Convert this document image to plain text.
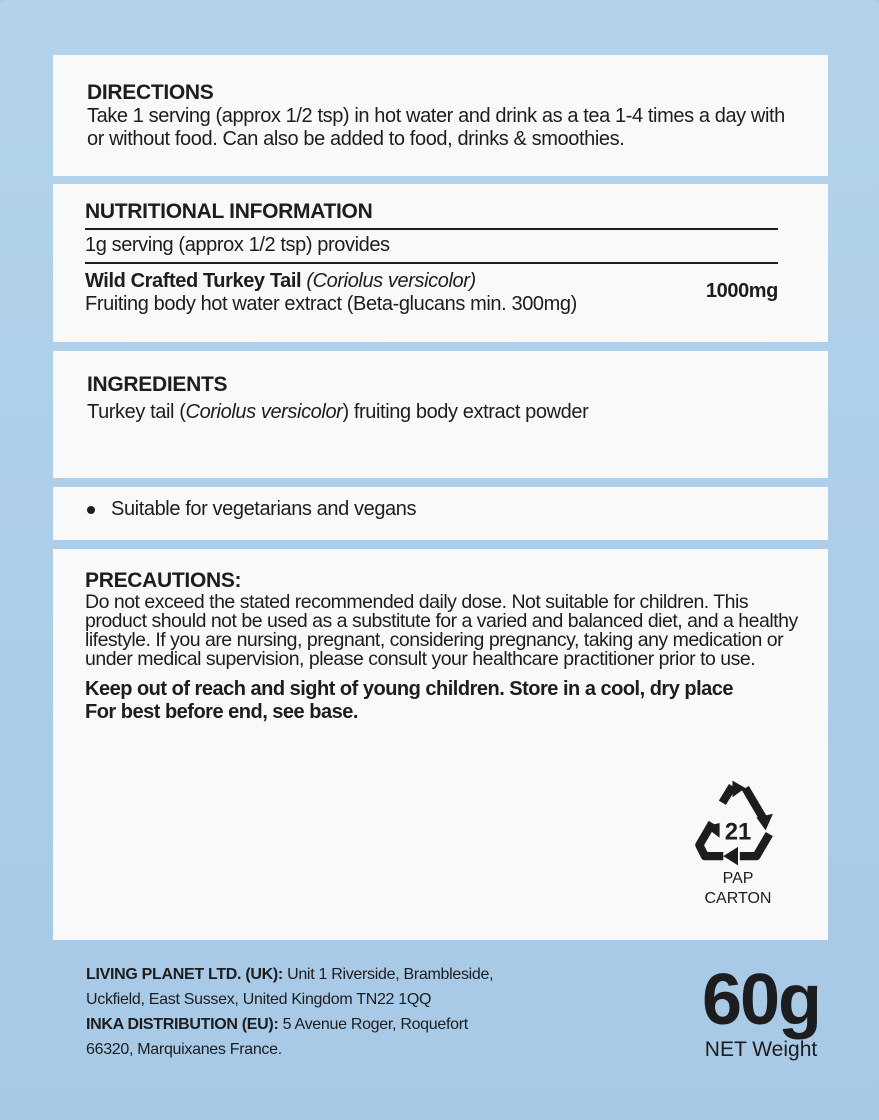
DIRECTIONS
Take 1 serving (approx 1/2 tsp) in hot water and drink as a tea 1-4 times a day with or without food. Can also be added to food, drinks & smoothies.
NUTRITIONAL INFORMATION
1g serving (approx 1/2 tsp) provides
Wild Crafted Turkey Tail (Coriolus versicolor)
Fruiting body hot water extract (Beta-glucans min. 300mg)
1000mg
INGREDIENTS
Turkey tail (Coriolus versicolor) fruiting body extract powder
Suitable for vegetarians and vegans
PRECAUTIONS:
Do not exceed the stated recommended daily dose. Not suitable for children. This
product should not be used as a substitute for a varied and balanced diet, and a healthy
lifestyle. If you are nursing, pregnant, considering pregnancy, taking any medication or
under medical supervision, please consult your healthcare practitioner prior to use.
Keep out of reach and sight of young children. Store in a cool, dry place
For best before end, see base.
21
PAP
CARTON
LIVING PLANET LTD. (UK): Unit 1 Riverside, Brambleside,
Uckfield, East Sussex, United Kingdom TN22 1QQ
INKA DISTRIBUTION (EU): 5 Avenue Roger, Roquefort
66320, Marquixanes France.
60g
NET Weight
